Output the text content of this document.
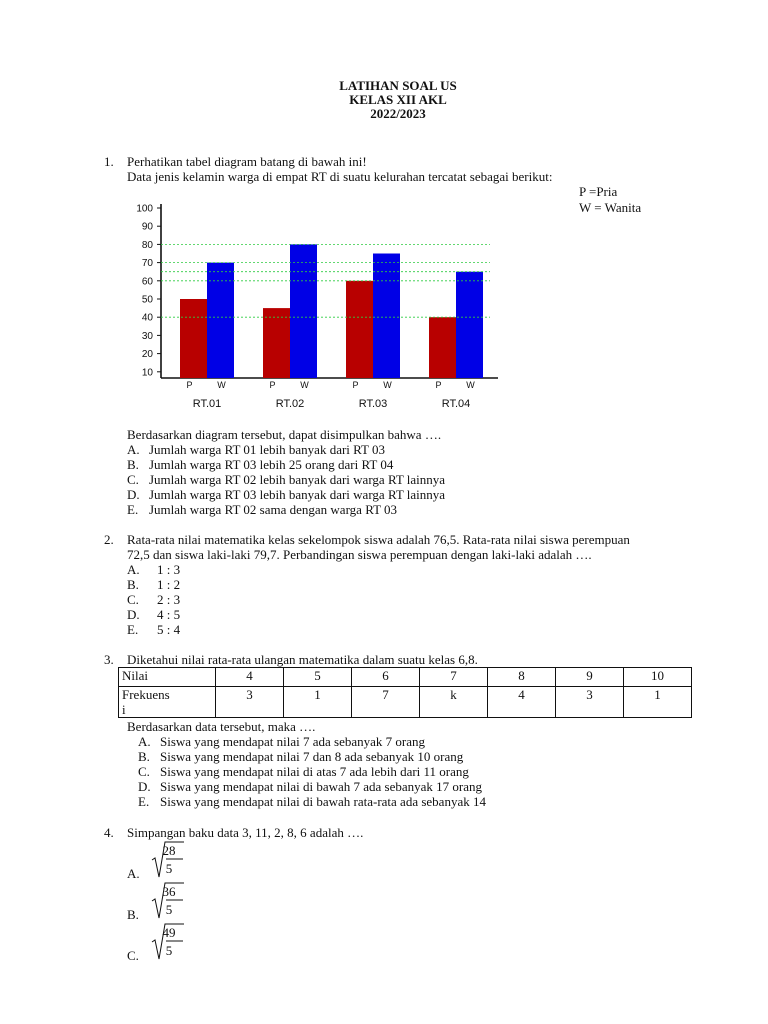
LATIHAN SOAL US
KELAS XII AKL
2022/2023
1. Perhatikan tabel diagram batang di bawah ini!
Data jenis kelamin warga di empat RT di suatu kelurahan tercatat sebagai berikut:
P =Pria
W = Wanita
10
20
30
40
50
60
70
80
90
100
P	W
RT.01
P	W
RT.02
P	W
RT.03
P	W
RT.04
Berdasarkan diagram tersebut, dapat disimpulkan bahwa ….
A. Jumlah warga RT 01 lebih banyak dari RT 03
B. Jumlah warga RT 03 lebih 25 orang dari RT 04
C. Jumlah warga RT 02 lebih banyak dari warga RT lainnya
D. Jumlah warga RT 03 lebih banyak dari warga RT lainnya
E. Jumlah warga RT 02 sama dengan warga RT 03
2. Rata-rata nilai matematika kelas sekelompok siswa adalah 76,5. Rata-rata nilai siswa perempuan
72,5 dan siswa laki-laki 79,7. Perbandingan siswa perempuan dengan laki-laki adalah ….
A. 1 : 3
B. 1 : 2
C. 2 : 3
D. 4 : 5
E. 5 : 4
3. Diketahui nilai rata-rata ulangan matematika dalam suatu kelas 6,8.
Nilai	4	5	6	7	8	9	10

Frekuens
i	3	1	7	k	4	3	1
Berdasarkan data tersebut, maka ….
A. Siswa yang mendapat nilai 7 ada sebanyak 7 orang
B. Siswa yang mendapat nilai 7 dan 8 ada sebanyak 10 orang
C. Siswa yang mendapat nilai di atas 7 ada lebih dari 11 orang
D. Siswa yang mendapat nilai di bawah 7 ada sebanyak 17 orang
E. Siswa yang mendapat nilai di bawah rata-rata ada sebanyak 14
4. Simpangan baku data 3, 11, 2, 8, 6 adalah ….
A.
28
5
B.
36
5
C.
49
5
